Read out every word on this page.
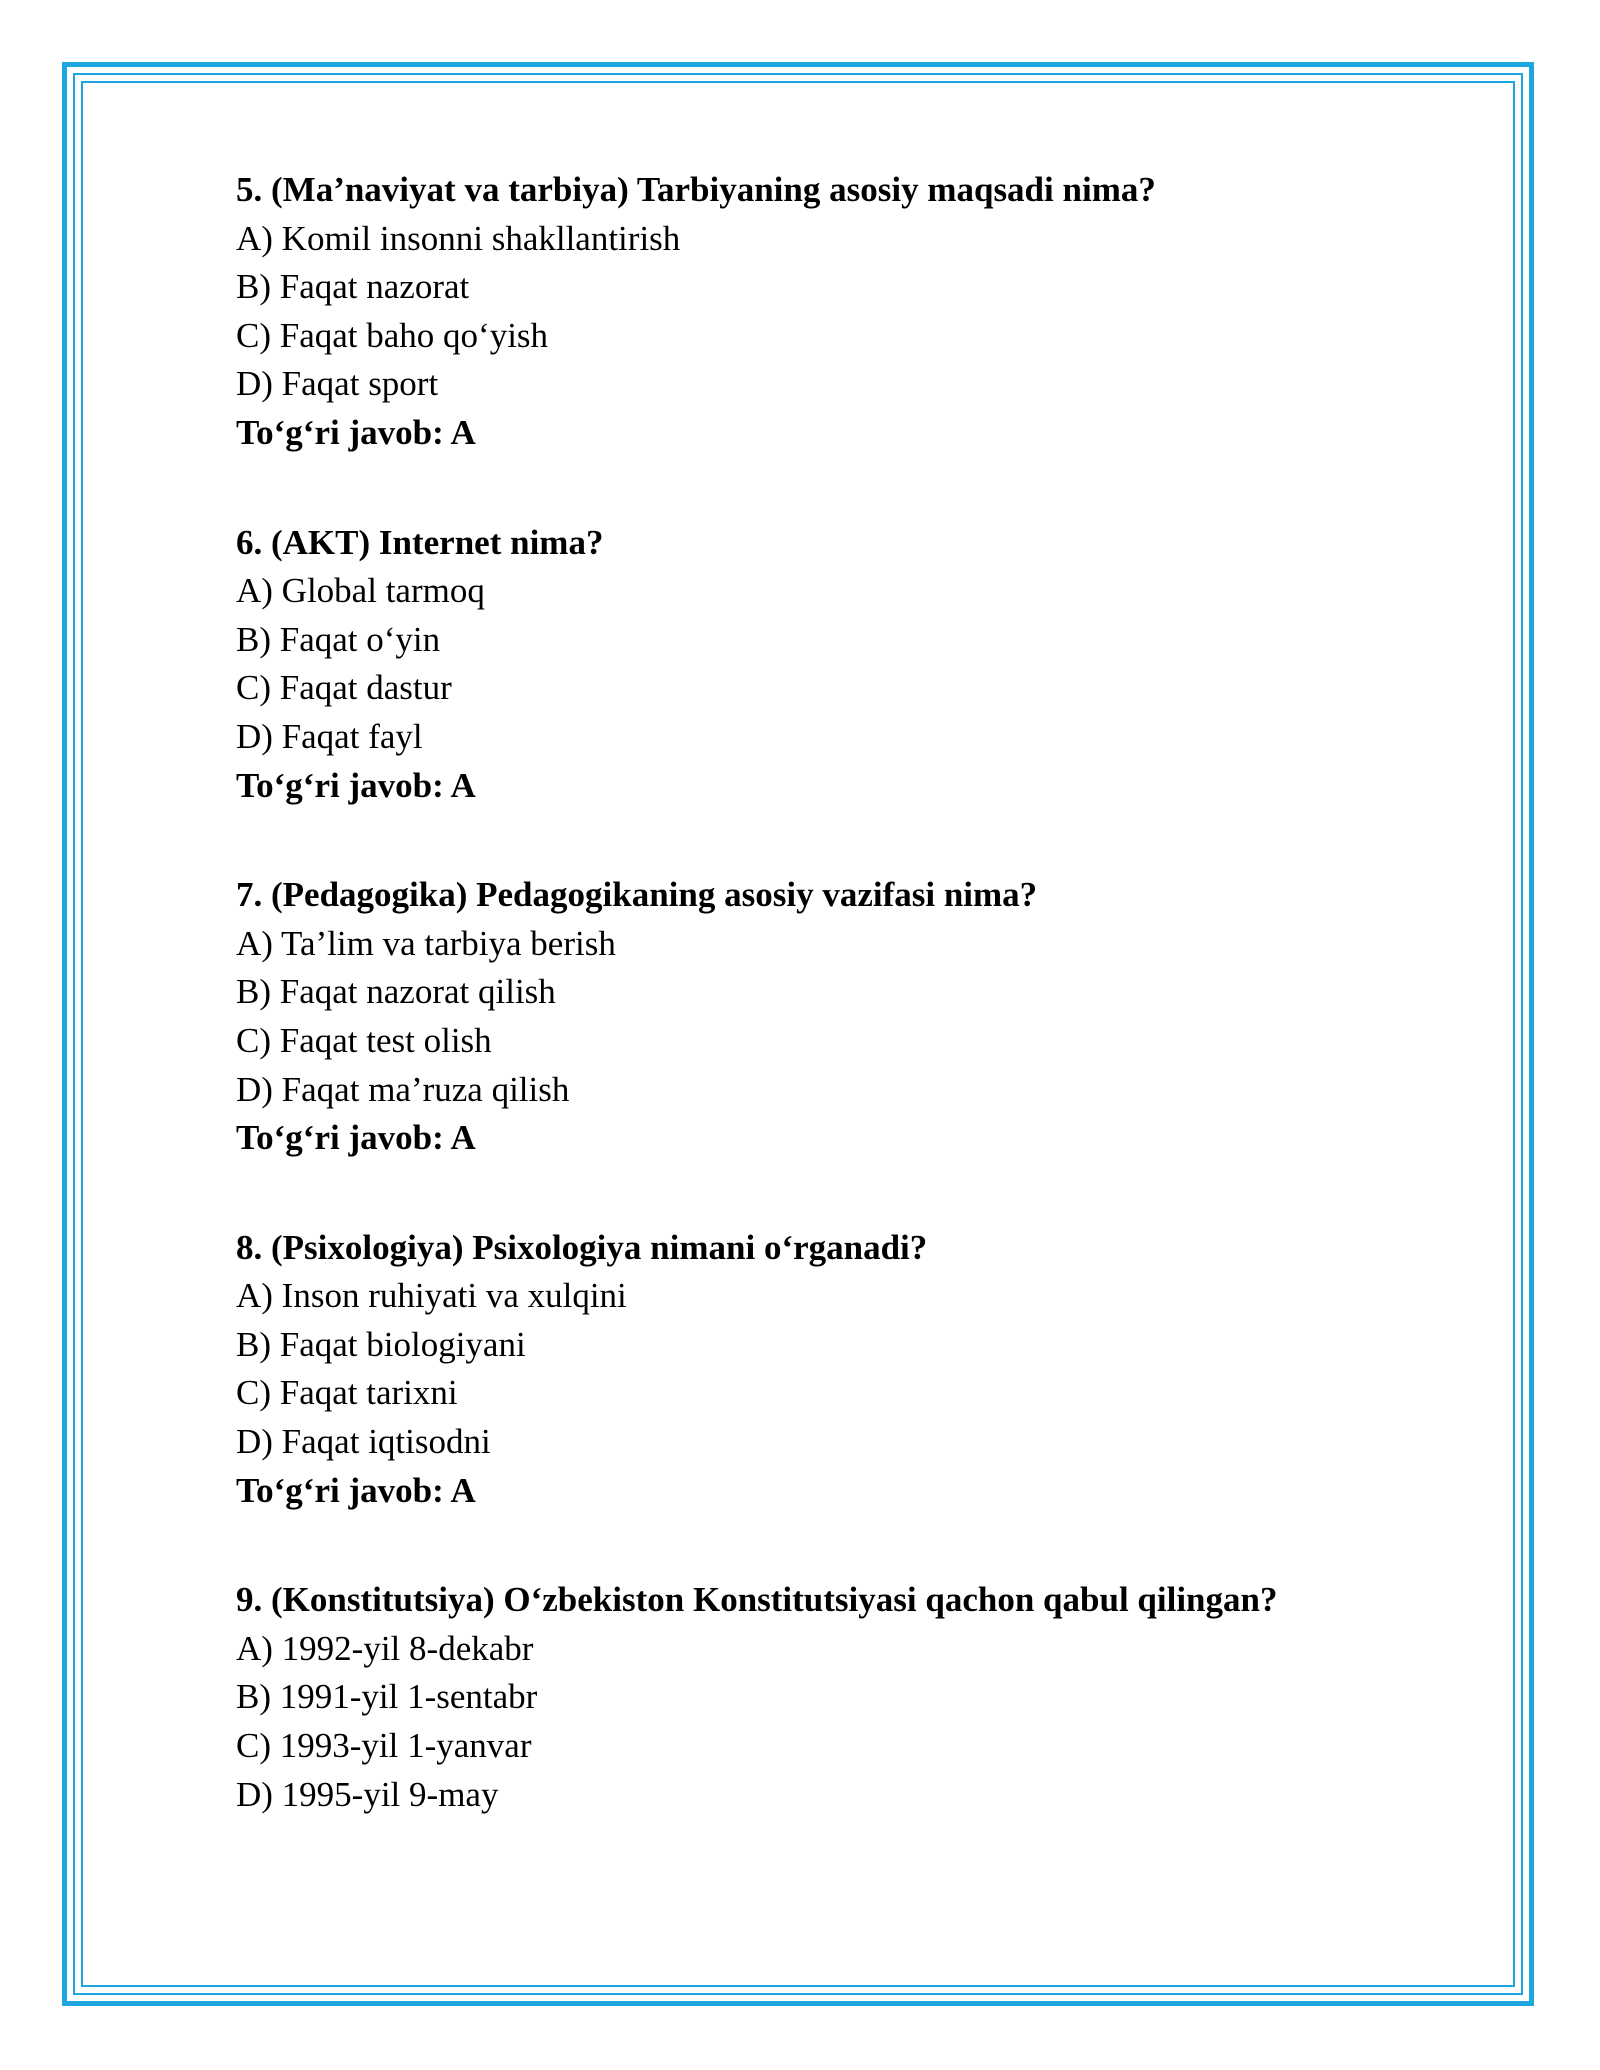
5. (Ma’naviyat va tarbiya) Tarbiyaning asosiy maqsadi nima?
A) Komil insonni shakllantirish
B) Faqat nazorat
C) Faqat baho qo‘yish
D) Faqat sport
To‘g‘ri javob: A
6. (AKT) Internet nima?
A) Global tarmoq
B) Faqat o‘yin
C) Faqat dastur
D) Faqat fayl
To‘g‘ri javob: A
7. (Pedagogika) Pedagogikaning asosiy vazifasi nima?
A) Ta’lim va tarbiya berish
B) Faqat nazorat qilish
C) Faqat test olish
D) Faqat ma’ruza qilish
To‘g‘ri javob: A
8. (Psixologiya) Psixologiya nimani o‘rganadi?
A) Inson ruhiyati va xulqini
B) Faqat biologiyani
C) Faqat tarixni
D) Faqat iqtisodni
To‘g‘ri javob: A
9. (Konstitutsiya) O‘zbekiston Konstitutsiyasi qachon qabul qilingan?
A) 1992-yil 8-dekabr
B) 1991-yil 1-sentabr
C) 1993-yil 1-yanvar
D) 1995-yil 9-may
